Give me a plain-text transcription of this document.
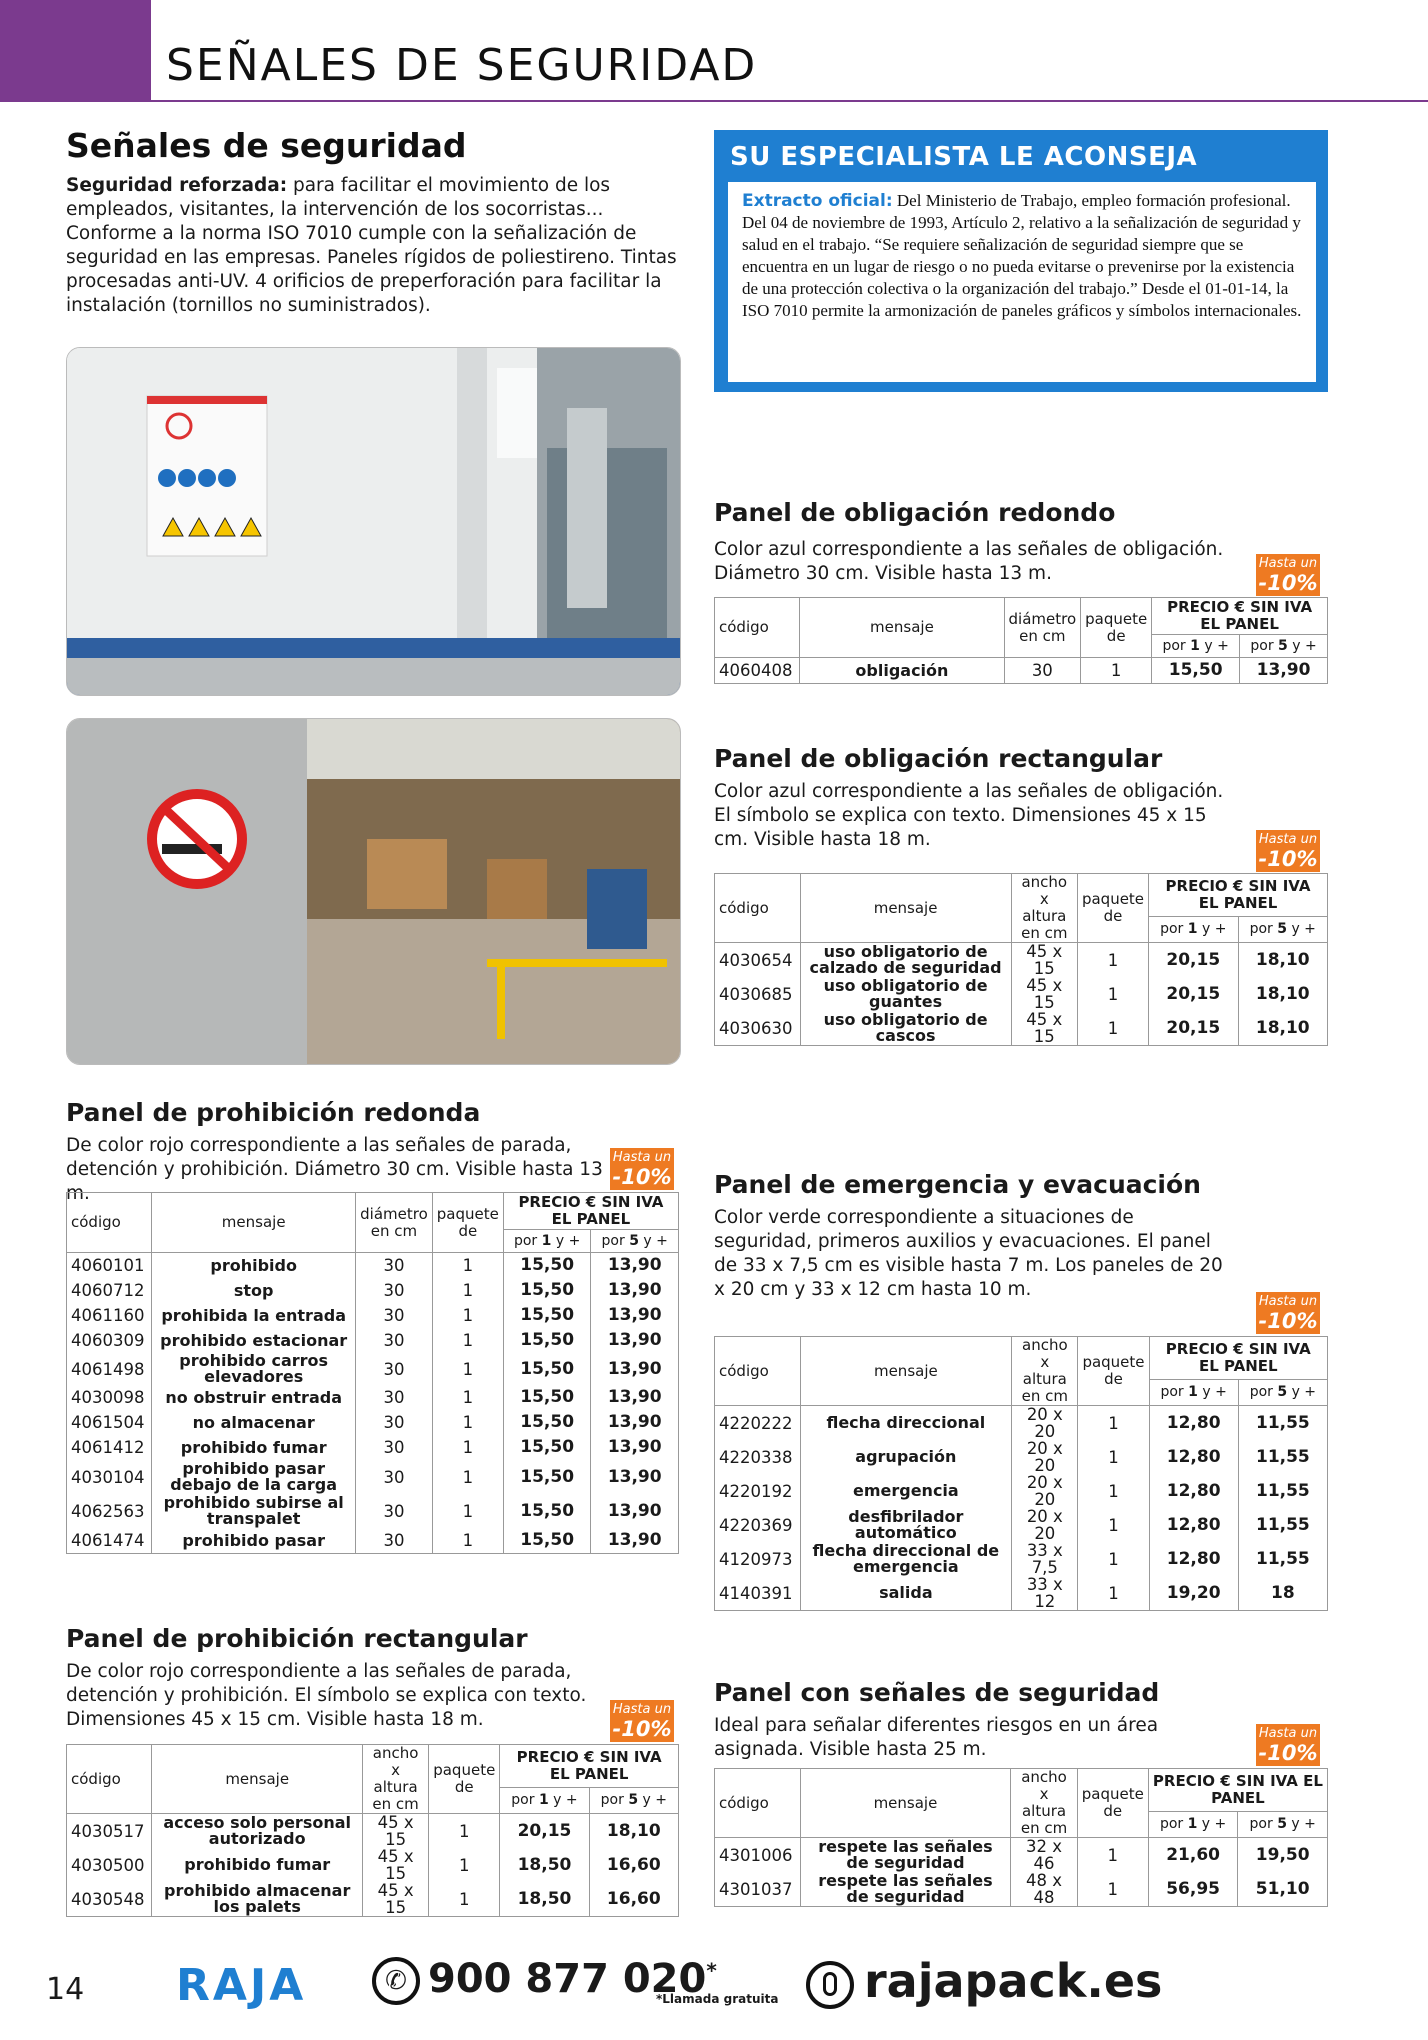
SEÑALES DE SEGURIDAD
Señales de seguridad
Seguridad reforzada: para facilitar el movimiento de los empleados, visitantes, la intervención de los socorristas... Conforme a la norma ISO 7010 cumple con la señalización de seguridad en las empresas. Paneles rígidos de poliestireno. Tintas procesadas anti-UV. 4 orificios de preperforación para facilitar la instalación (tornillos no suministrados).
SU ESPECIALISTA LE ACONSEJA
Extracto oficial: Del Ministerio de Trabajo, empleo formación profesional. Del 04 de noviembre de 1993, Artículo 2, relativo a la señalización de seguridad y salud en el trabajo. “Se requiere señalización de seguridad siempre que se encuentra en un lugar de riesgo o no pueda evitarse o prevenirse por la existencia de una protección colectiva o la organización del trabajo.” Desde el 01-01-14, la ISO 7010 permite la armonización de paneles gráficos y símbolos internacionales.
Panel de obligación redondo
Color azul correspondiente a las señales de obligación. Diámetro 30 cm. Visible hasta 13 m.	Hasta un
-10%
código	mensaje	diámetro en cm	paquete de	PRECIO € SIN IVA EL PANEL	
				por 1 y +	por 5 y +
4060408	obligación	30	1	15,50	13,90
Panel de obligación rectangular
Color azul correspondiente a las señales de obligación. El símbolo se explica con texto. Dimensiones 45 x 15 cm. Visible hasta 18 m.	Hasta un
-10%
código	mensaje	ancho x altura en cm	paquete de	PRECIO € SIN IVA EL PANEL	
				por 1 y +	por 5 y +
4030654	uso obligatorio de calzado de seguridad	45 x 15	1	20,15	18,10
4030685	uso obligatorio de guantes	45 x 15	1	20,15	18,10
4030630	uso obligatorio de cascos	45 x 15	1	20,15	18,10
Panel de prohibición redonda
De color rojo correspondiente a las señales de parada, detención y prohibición. Diámetro 30 cm. Visible hasta 13 m.
Hasta un
-10%
código	mensaje	diámetro en cm	paquete de	PRECIO € SIN IVA EL PANEL	
				por 1 y +	por 5 y +
4060101	prohibido	30	1	15,50	13,90
4060712	stop	30	1	15,50	13,90
4061160	prohibida la entrada	30	1	15,50	13,90
4060309	prohibido estacionar	30	1	15,50	13,90
4061498	prohibido carros elevadores	30	1	15,50	13,90
4030098	no obstruir entrada	30	1	15,50	13,90
4061504	no almacenar	30	1	15,50	13,90
4061412	prohibido fumar	30	1	15,50	13,90
4030104	prohibido pasar debajo de la carga	30	1	15,50	13,90
4062563	prohibido subirse al transpalet	30	1	15,50	13,90
4061474	prohibido pasar	30	1	15,50	13,90
Panel de emergencia y evacuación
Color verde correspondiente a situaciones de seguridad, primeros auxilios y evacuaciones. El panel de 33 x 7,5 cm es visible hasta 7 m. Los paneles de 20 x 20 cm y 33 x 12 cm hasta 10 m.
Hasta un
-10%
código	mensaje	ancho x altura en cm	paquete de	PRECIO € SIN IVA EL PANEL	
				por 1 y +	por 5 y +
4220222	flecha direccional	20 x 20	1	12,80	11,55
4220338	agrupación	20 x 20	1	12,80	11,55
4220192	emergencia	20 x 20	1	12,80	11,55
4220369	desfibrilador automático	20 x 20	1	12,80	11,55
4120973	flecha direccional de emergencia	33 x 7,5	1	12,80	11,55
4140391	salida	33 x 12	1	19,20	18
Panel de prohibición rectangular
De color rojo correspondiente a las señales de parada, detención y prohibición. El símbolo se explica con texto. Dimensiones 45 x 15 cm. Visible hasta 18 m.	Hasta un
-10%
código	mensaje	ancho x altura en cm	paquete de	PRECIO € SIN IVA EL PANEL	
				por 1 y +	por 5 y +
4030517	acceso solo personal autorizado	45 x 15	1	20,15	18,10
4030500	prohibido fumar	45 x 15	1	18,50	16,60
4030548	prohibido almacenar los palets	45 x 15	1	18,50	16,60
Panel con señales de seguridad
Ideal para señalar diferentes riesgos en un área asignada. Visible hasta 25 m.
Hasta un
-10%
código	mensaje	ancho x altura en cm	paquete de	PRECIO € SIN IVA EL PANEL	
				por 1 y +	por 5 y +
4301006	respete las señales de seguridad	32 x 46	1	21,60	19,50
4301037	respete las señales de seguridad	48 x 48	1	56,95	51,10
14 RAJA	✆ 900 877 020*
*Llamada gratuita	rajapack.es
